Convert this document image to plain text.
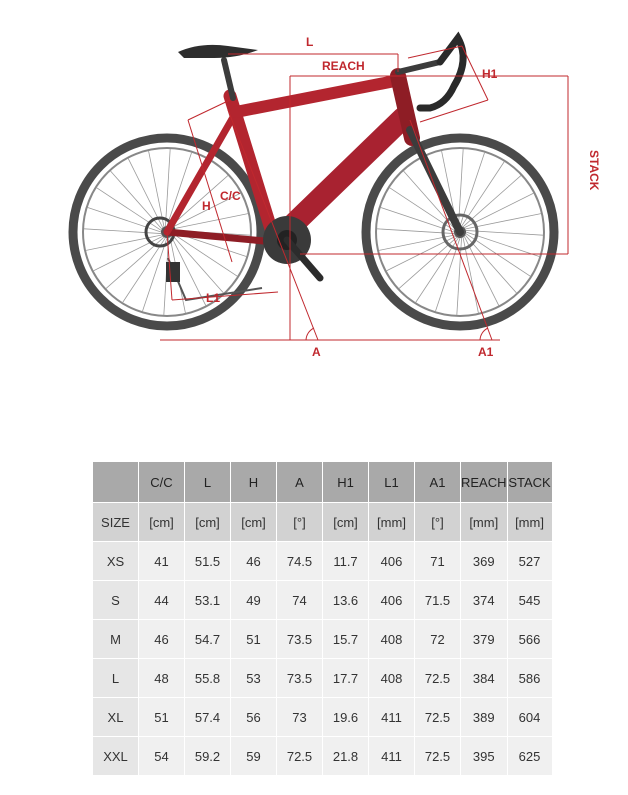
L
REACH
H1
STACK
C/C
H
L1
A	A1
	C/C	L	H	A	H1	L1	A1	REACH	STACK
SIZE	[cm]	[cm]	[cm]	[°]	[cm]	[mm]	[°]	[mm]	[mm]
XS	41	51.5	46	74.5	11.7	406	71	369	527
S	44	53.1	49	74	13.6	406	71.5	374	545
M	46	54.7	51	73.5	15.7	408	72	379	566
L	48	55.8	53	73.5	17.7	408	72.5	384	586
XL	51	57.4	56	73	19.6	411	72.5	389	604
XXL	54	59.2	59	72.5	21.8	411	72.5	395	625
